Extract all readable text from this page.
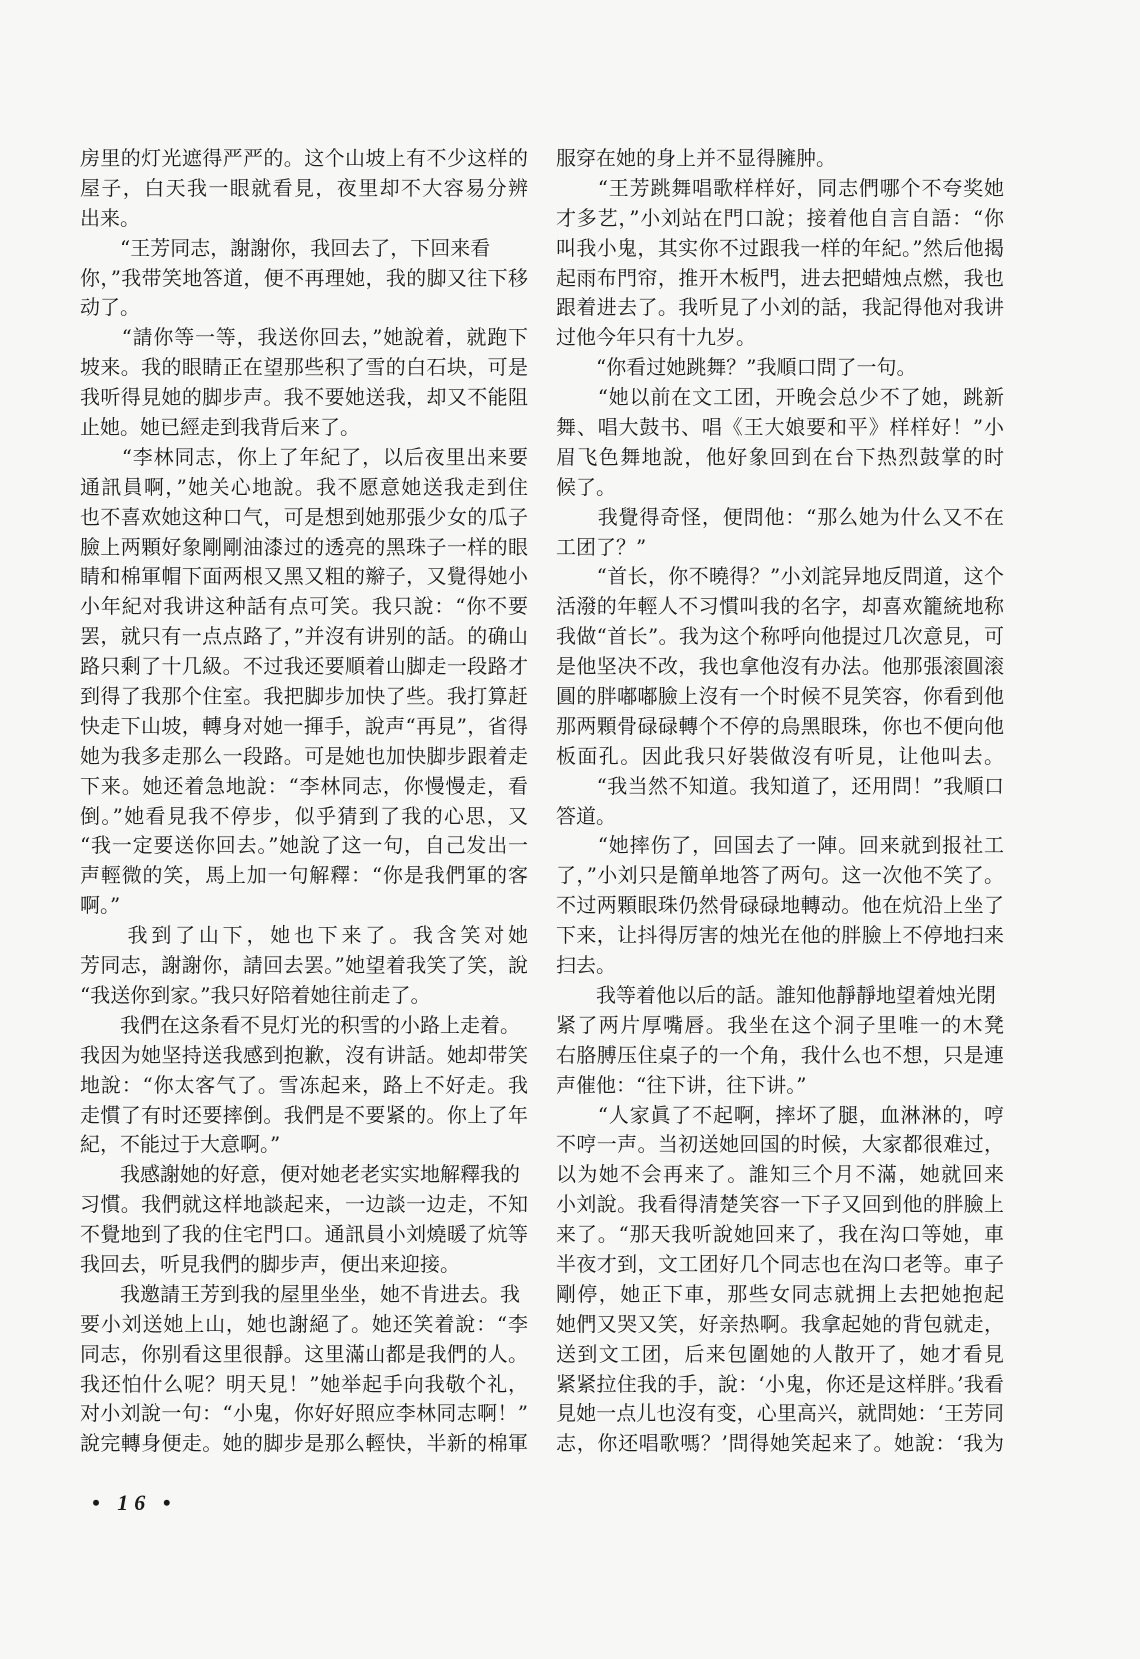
房里的灯光遮得严严的。这个山坡上有不少这样的
屋子，白天我一眼就看見，夜里却不大容易分辨
出来。
　　“王芳同志，謝謝你，我回去了，下回来看
你，”我带笑地答道，便不再理她，我的脚又往下移
动了。
　　“請你等一等，我送你回去，”她說着，就跑下
坡来。我的眼睛正在望那些积了雪的白石块，可是
我听得見她的脚步声。我不要她送我，却又不能阻
止她。她已經走到我背后来了。
　　“李林同志，你上了年紀了，以后夜里出来要
通訊員啊，”她关心地說。我不愿意她送我走到住
也不喜欢她这种口气，可是想到她那張少女的瓜子
臉上两顆好象剛剛油漆过的透亮的黑珠子一样的眼
睛和棉軍帽下面两根又黑又粗的辮子，又覺得她小
小年紀对我讲这种話有点可笑。我只說：“你不要
罢，就只有一点点路了，”并沒有讲别的話。的确山
路只剩了十几級。不过我还要順着山脚走一段路才
到得了我那个住室。我把脚步加快了些。我打算赶
快走下山坡，轉身对她一揮手，說声“再見”，省得
她为我多走那么一段路。可是她也加快脚步跟着走
下来。她还着急地說：“李林同志，你慢慢走，看
倒。”她看見我不停步，似乎猜到了我的心思，又
“我一定要送你回去。”她說了这一句，自己发出一
声輕微的笑，馬上加一句解釋：“你是我們軍的客
啊。”
　　我到了山下，她也下来了。我含笑对她
芳同志，謝謝你，請回去罢。”她望着我笑了笑，說
“我送你到家。”我只好陪着她往前走了。
　　我們在这条看不見灯光的积雪的小路上走着。
我因为她坚持送我感到抱歉，沒有讲話。她却带笑
地說：“你太客气了。雪冻起来，路上不好走。我
走慣了有时还要摔倒。我們是不要紧的。你上了年
紀，不能过于大意啊。”
　　我感謝她的好意，便对她老老实实地解釋我的
习慣。我們就这样地談起来，一边談一边走，不知
不覺地到了我的住宅門口。通訊員小刘燒暖了炕等
我回去，听見我們的脚步声，便出来迎接。
　　我邀請王芳到我的屋里坐坐，她不肯进去。我
要小刘送她上山，她也謝絕了。她还笑着說：“李
同志，你别看这里很靜。这里滿山都是我們的人。
我还怕什么呢？明天見！”她举起手向我敬个礼，
对小刘說一句：“小鬼，你好好照应李林同志啊！”
說完轉身便走。她的脚步是那么輕快，半新的棉軍
服穿在她的身上并不显得臃肿。
　　“王芳跳舞唱歌样样好，同志們哪个不夸奖她
才多艺，”小刘站在門口說；接着他自言自語：“你
叫我小鬼，其实你不过跟我一样的年紀。”然后他揭
起雨布門帘，推开木板門，进去把蜡烛点燃，我也
跟着进去了。我听見了小刘的話，我記得他对我讲
过他今年只有十九岁。
　　“你看过她跳舞？”我順口問了一句。
　　“她以前在文工团，开晚会总少不了她，跳新
舞、唱大鼓书、唱《王大娘要和平》样样好！”小
眉飞色舞地說，他好象回到在台下热烈鼓掌的时
候了。
　　我覺得奇怪，便問他：“那么她为什么又不在
工团了？”
　　“首长，你不曉得？”小刘詫异地反問道，这个
活潑的年輕人不习慣叫我的名字，却喜欢籠統地称
我做“首长”。我为这个称呼向他提过几次意見，可
是他坚决不改，我也拿他沒有办法。他那張滚圓滚
圓的胖嘟嘟臉上沒有一个时候不見笑容，你看到他
那两顆骨碌碌轉个不停的烏黑眼珠，你也不便向他
板面孔。因此我只好裝做沒有听見，让他叫去。
　　“我当然不知道。我知道了，还用問！”我順口
答道。
　　“她摔伤了，回国去了一陣。回来就到报社工
了，”小刘只是簡单地答了两句。这一次他不笑了。
不过两顆眼珠仍然骨碌碌地轉动。他在炕沿上坐了
下来，让抖得厉害的烛光在他的胖臉上不停地扫来
扫去。
　　我等着他以后的話。誰知他靜靜地望着烛光閉
紧了两片厚嘴唇。我坐在这个洞子里唯一的木凳
右胳膊压住桌子的一个角，我什么也不想，只是連
声催他：“往下讲，往下讲。”
　　“人家眞了不起啊，摔坏了腿，血淋淋的，哼
不哼一声。当初送她回国的时候，大家都很难过，
以为她不会再来了。誰知三个月不滿，她就回来
小刘說。我看得清楚笑容一下子又回到他的胖臉上
来了。“那天我听說她回来了，我在沟口等她，車
半夜才到，文工团好几个同志也在沟口老等。車子
剛停，她正下車，那些女同志就拥上去把她抱起
她們又哭又笑，好亲热啊。我拿起她的背包就走，
送到文工团，后来包圍她的人散开了，她才看見
紧紧拉住我的手，說：‘小鬼，你还是这样胖。’我看
見她一点儿也沒有变，心里高兴，就問她：‘王芳同
志，你还唱歌嗎？’問得她笑起来了。她說：‘我为
• 16 •
